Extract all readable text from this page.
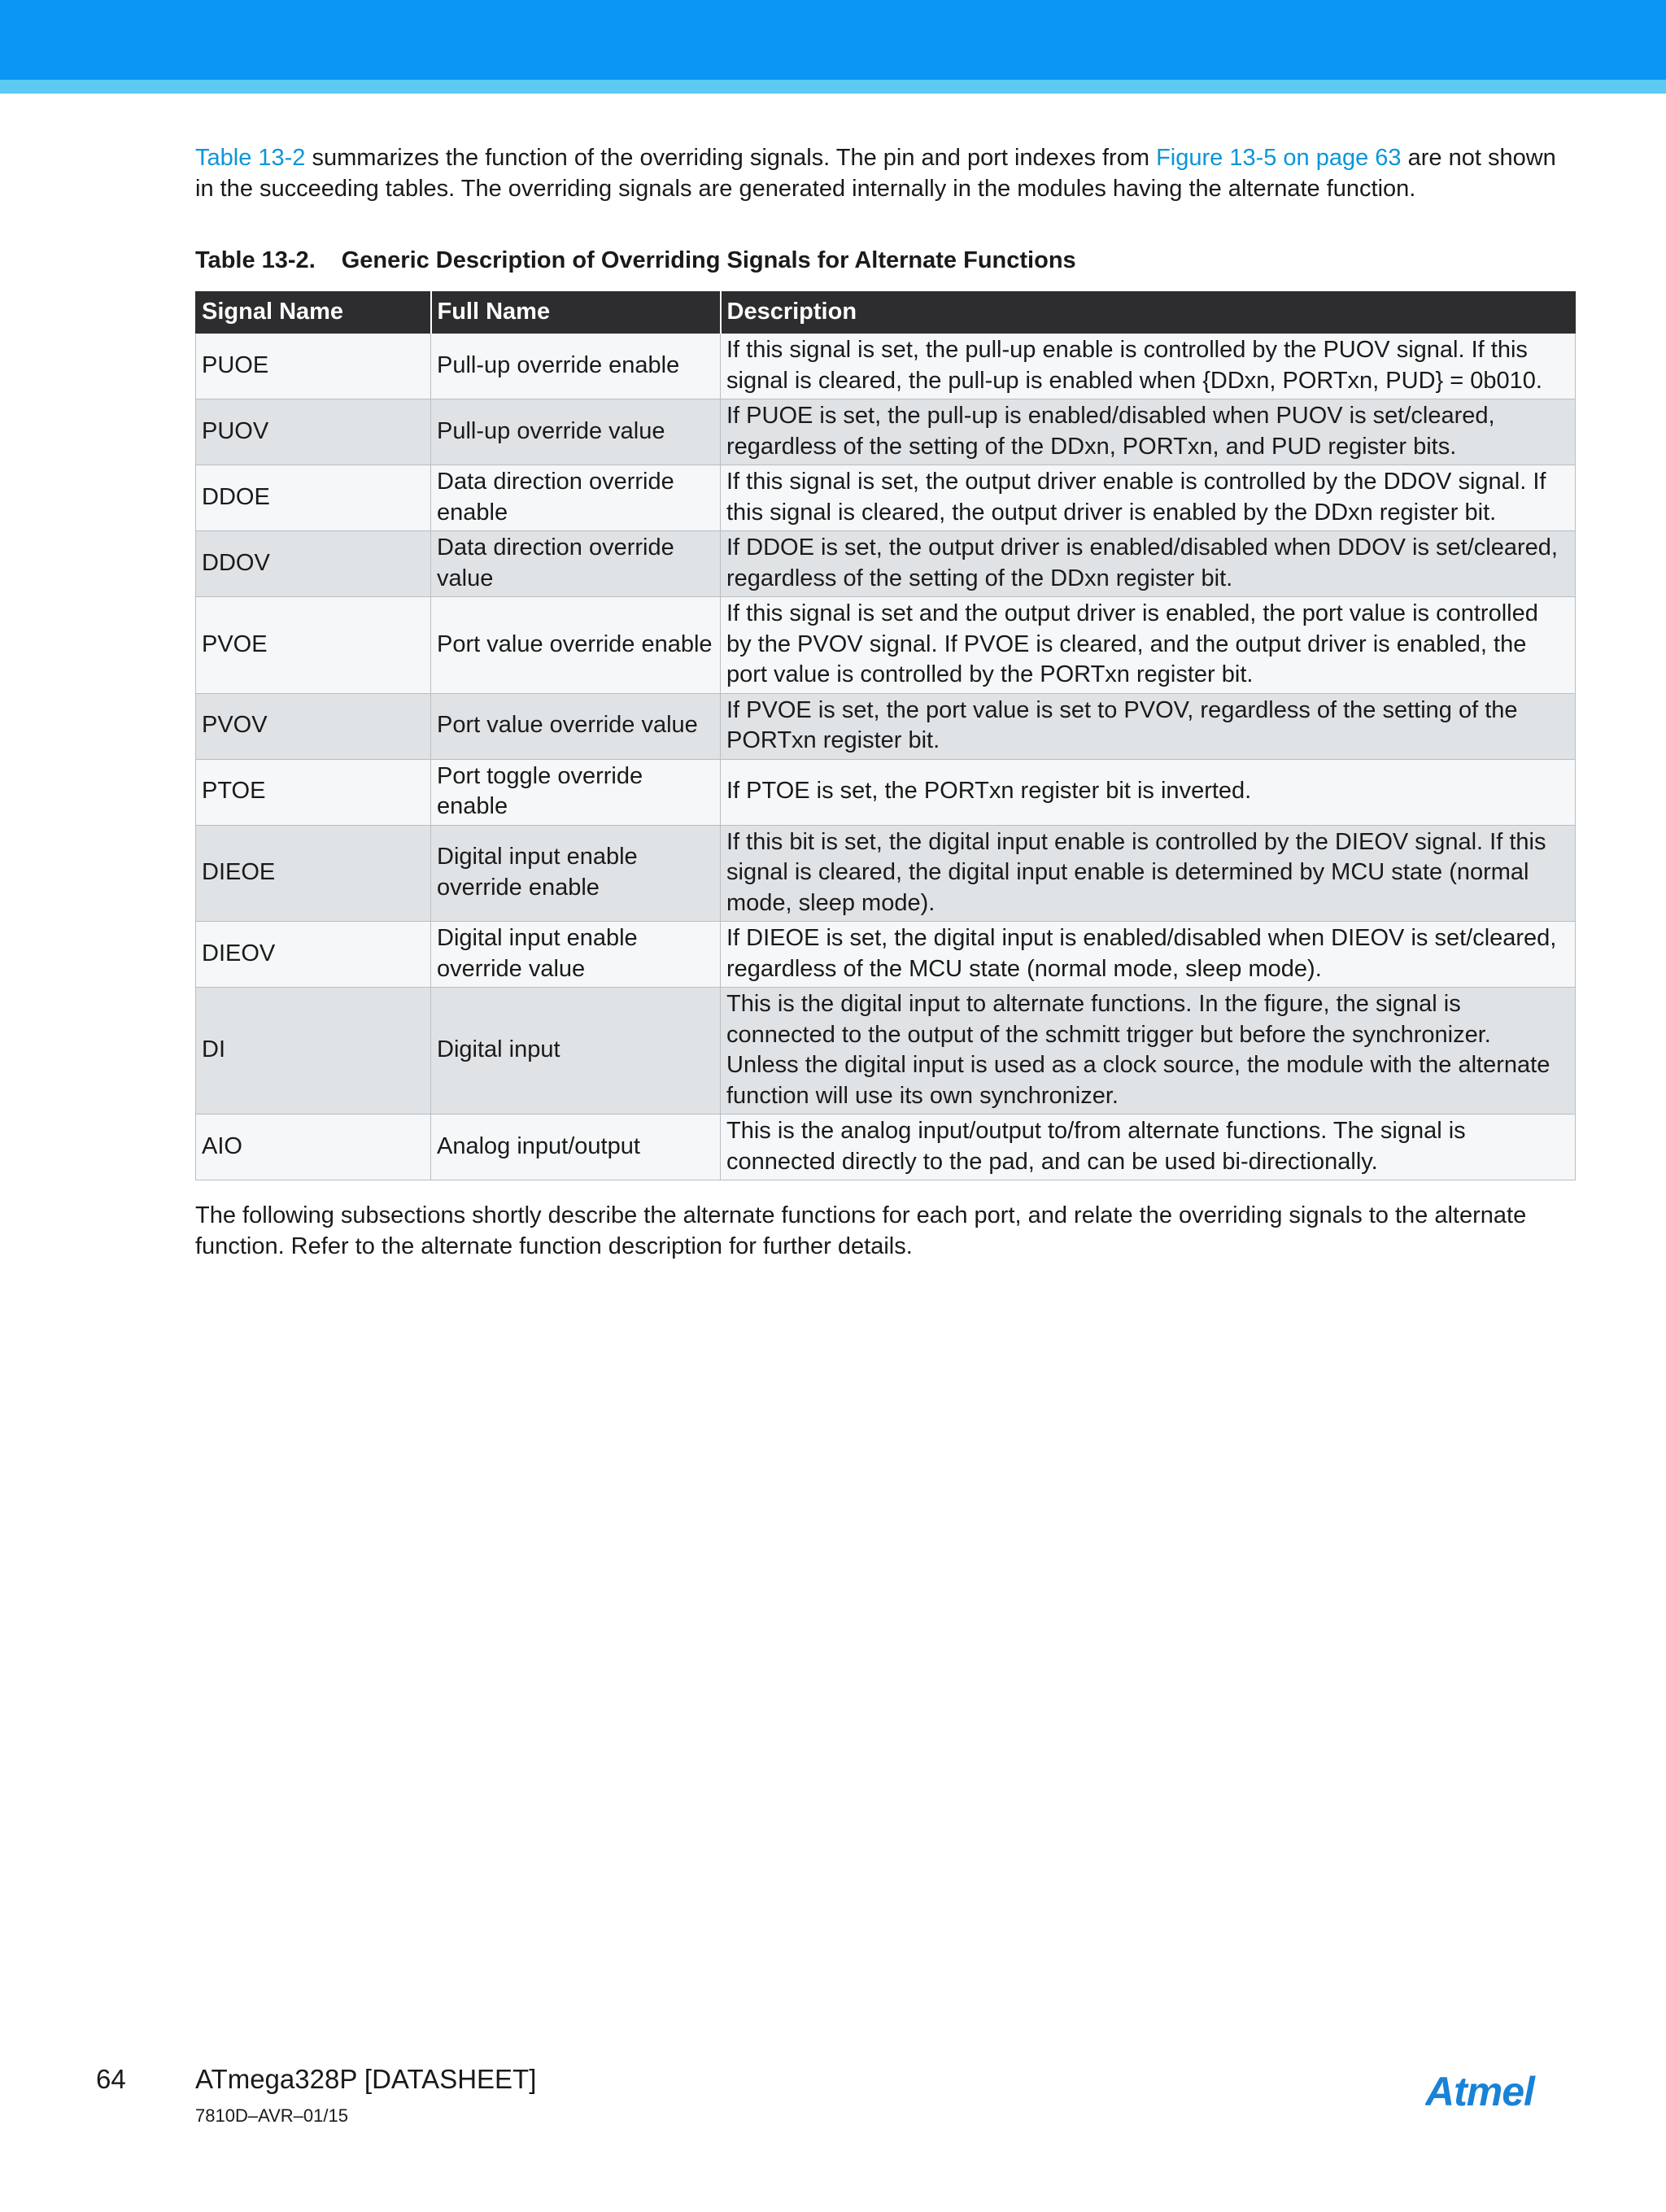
Table 13-2 summarizes the function of the overriding signals. The pin and port indexes from Figure 13-5 on page 63 are not shown in the succeeding tables. The overriding signals are generated internally in the modules having the alternate function.

Table 13-2. Generic Description of Overriding Signals for Alternate Functions
Signal Name	Full Name	Description
PUOE	Pull-up override enable	If this signal is set, the pull-up enable is controlled by the PUOV signal. If this signal is cleared, the pull-up is enabled when {DDxn, PORTxn, PUD} = 0b010.
PUOV	Pull-up override value	If PUOE is set, the pull-up is enabled/disabled when PUOV is set/cleared, regardless of the setting of the DDxn, PORTxn, and PUD register bits.
DDOE	Data direction override enable	If this signal is set, the output driver enable is controlled by the DDOV signal. If this signal is cleared, the output driver is enabled by the DDxn register bit.
DDOV	Data direction override value	If DDOE is set, the output driver is enabled/disabled when DDOV is set/cleared, regardless of the setting of the DDxn register bit.
PVOE	Port value override enable	If this signal is set and the output driver is enabled, the port value is controlled by the PVOV signal. If PVOE is cleared, and the output driver is enabled, the port value is controlled by the PORTxn register bit.
PVOV	Port value override value	If PVOE is set, the port value is set to PVOV, regardless of the setting of the PORTxn register bit.
PTOE	Port toggle override enable	If PTOE is set, the PORTxn register bit is inverted.
DIEOE	Digital input enable override enable	If this bit is set, the digital input enable is controlled by the DIEOV signal. If this signal is cleared, the digital input enable is determined by MCU state (normal mode, sleep mode).
DIEOV	Digital input enable override value	If DIEOE is set, the digital input is enabled/disabled when DIEOV is set/cleared, regardless of the MCU state (normal mode, sleep mode).
DI	Digital input	This is the digital input to alternate functions. In the figure, the signal is connected to the output of the schmitt trigger but before the synchronizer. Unless the digital input is used as a clock source, the module with the alternate function will use its own synchronizer.
AIO	Analog input/output	This is the analog input/output to/from alternate functions. The signal is connected directly to the pad, and can be used bi-directionally.

The following subsections shortly describe the alternate functions for each port, and relate the overriding signals to the alternate function. Refer to the alternate function description for further details.

64	ATmega328P [DATASHEET]
7810D–AVR–01/15
Atmel
